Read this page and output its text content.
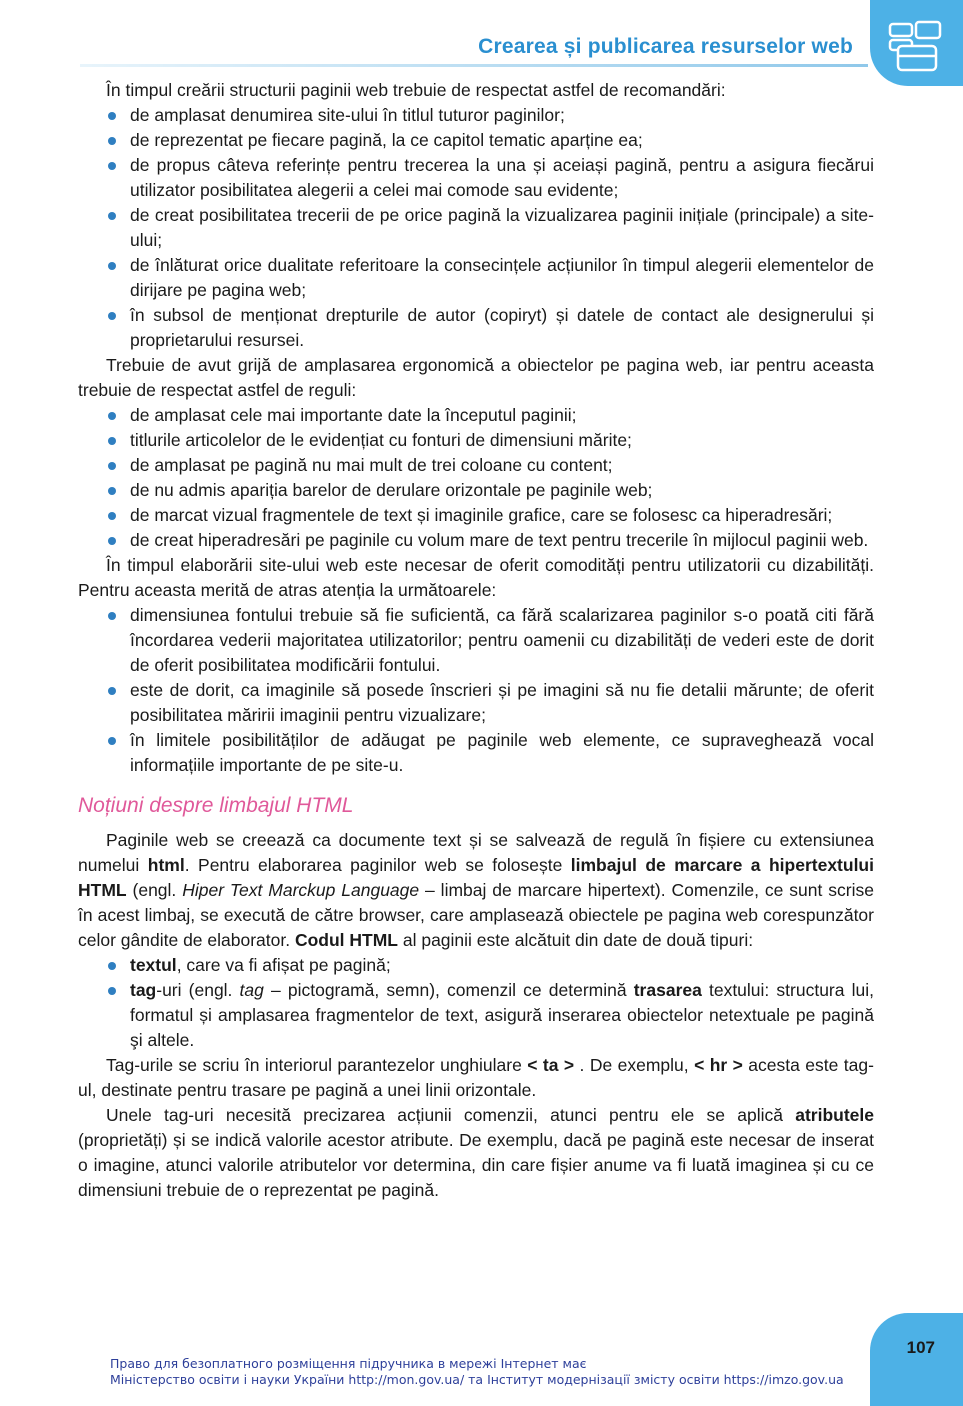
Crearea și publicarea resurselor web

În timpul creării structurii paginii web trebuie de respectat astfel de recomandări:

de amplasat denumirea site-ului în titlul tuturor paginilor;
de reprezentat pe fiecare pagină, la ce capitol tematic aparține ea;
de propus câteva referințe pentru trecerea la una și aceiași pagină, pentru a asigura fiecărui utilizator posibilitatea alegerii a celei mai comode sau evidente;
de creat posibilitatea trecerii de pe orice pagină la vizualizarea paginii inițiale (principale) a site-ului;
de înlăturat orice dualitate referitoare la consecințele acțiunilor în timpul alegerii elementelor de dirijare pe pagina web;
în subsol de menționat drepturile de autor (copiryt) și datele de contact ale designerului și proprietarului resursei.

Trebuie de avut grijă de amplasarea ergonomică a obiectelor pe pagina web, iar pentru aceasta trebuie de respectat astfel de reguli:

de amplasat cele mai importante date la începutul paginii;
titlurile articolelor de le evidențiat cu fonturi de dimensiuni mărite;
de amplasat pe pagină nu mai mult de trei coloane cu content;
de nu admis apariția barelor de derulare orizontale pe paginile web;
de marcat vizual fragmentele de text și imaginile grafice, care se folosesc ca hiperadresări;
de creat hiperadresări pe paginile cu volum mare de text pentru trecerile în mijlocul paginii web.

În timpul elaborării site-ului web este necesar de oferit comodități pentru utilizatorii cu dizabilități. Pentru aceasta merită de atras atenția la următoarele:

dimensiunea fontului trebuie să fie suficientă, ca fără scalarizarea paginilor s-o poată citi fără încordarea vederii majoritatea utilizatorilor; pentru oamenii cu dizabilități de vederi este de dorit de oferit posibilitatea modificării fontului.
este de dorit, ca imaginile să posede înscrieri și pe imagini să nu fie detalii mărunte; de oferit posibilitatea măririi imaginii pentru vizualizare;
în limitele posibilităților de adăugat pe paginile web elemente, ce supraveghează vocal informațiile importante de pe site-u.
Noțiuni despre limbajul HTML

Paginile web se creează ca documente text și se salvează de regulă în fișiere cu extensiunea numelui html. Pentru elaborarea paginilor web se folosește limbajul de marcare a hipertextului HTML (engl. Hiper Text Marckup Language – limbaj de marcare hipertext). Comenzile, ce sunt scrise în acest limbaj, se execută de către browser, care amplasează obiectele pe pagina web corespunzător celor gândite de elaborator. Codul HTML al paginii este alcătuit din date de două tipuri:

textul, care va fi afișat pe pagină;
tag-uri (engl. tag – pictogramă, semn), comenzil ce determină trasarea textului: structura lui, formatul și amplasarea fragmentelor de text, asigură inserarea obiectelor netextuale pe pagină şi altele.

Tag-urile se scriu în interiorul parantezelor unghiulare < ta > . De exemplu, < hr > acesta este tag-ul, destinate pentru trasare pe pagină a unei linii orizontale.

Unele tag-uri necesită precizarea acțiunii comenzii, atunci pentru ele se aplică atributele (proprietăți) și se indică valorile acestor atribute. De exemplu, dacă pe pagină este necesar de inserat o imagine, atunci valorile atributelor vor determina, din care fișier anume va fi luată imaginea și cu ce dimensiuni trebuie de o reprezentat pe pagină.

107
Право для безоплатного розміщення підручника в мережі Інтернет має
Міністерство освіти і науки України http://mon.gov.ua/ та Інститут модернізації змісту освіти https://imzo.gov.ua
